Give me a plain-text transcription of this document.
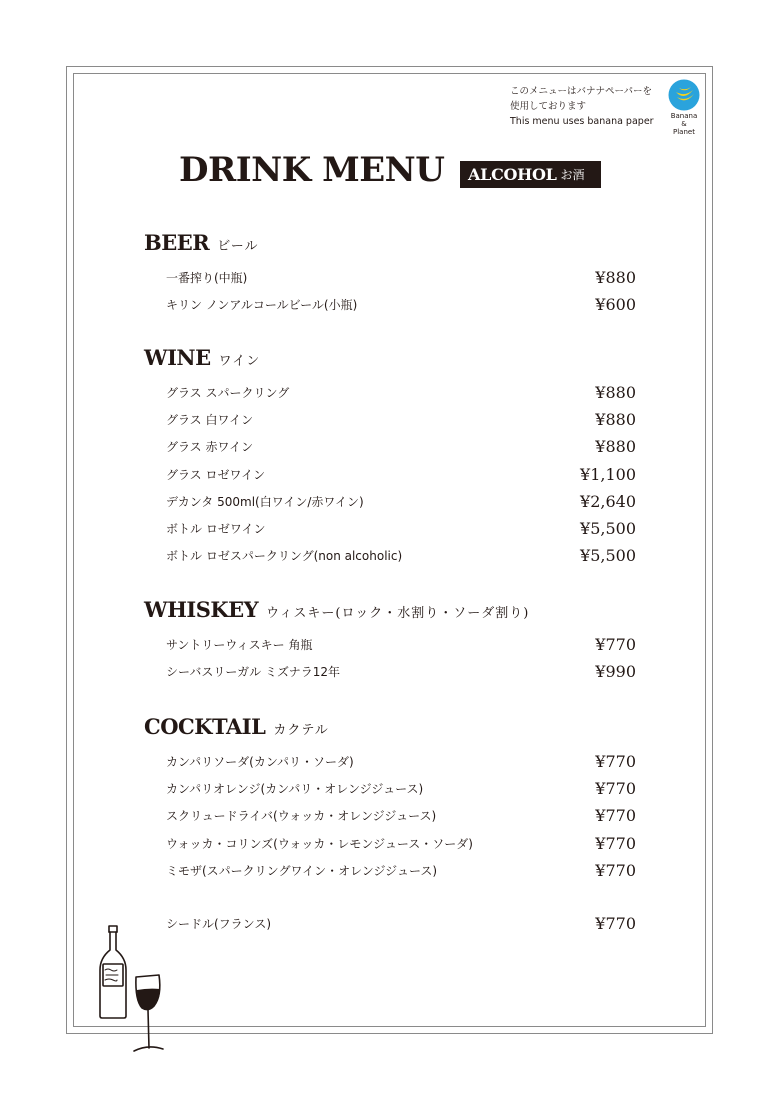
このメニューはバナナペーパーを
使用しております
This menu uses banana paper	Banana
&
Planet
DRINK MENU ALCOHOL お酒
BEER ビール
一番搾り(中瓶)	¥880
キリン ノンアルコールビール(小瓶)	¥600
WINE ワイン
グラス スパークリング	¥880
グラス 白ワイン	¥880
グラス 赤ワイン	¥880
グラス ロゼワイン	¥1,100
デカンタ 500ml(白ワイン/赤ワイン)	¥2,640
ボトル ロゼワイン	¥5,500
ボトル ロゼスパークリング(non alcoholic)	¥5,500
WHISKEY ウィスキー(ロック・水割り・ソーダ割り)
サントリーウィスキー 角瓶	¥770
シーバスリーガル ミズナラ12年	¥990
COCKTAIL カクテル
カンパリソーダ(カンパリ・ソーダ)	¥770
カンパリオレンジ(カンパリ・オレンジジュース)	¥770
スクリュードライバ(ウォッカ・オレンジジュース)	¥770
ウォッカ・コリンズ(ウォッカ・レモンジュース・ソーダ)	¥770
ミモザ(スパークリングワイン・オレンジジュース)	¥770
シードル(フランス)	¥770
